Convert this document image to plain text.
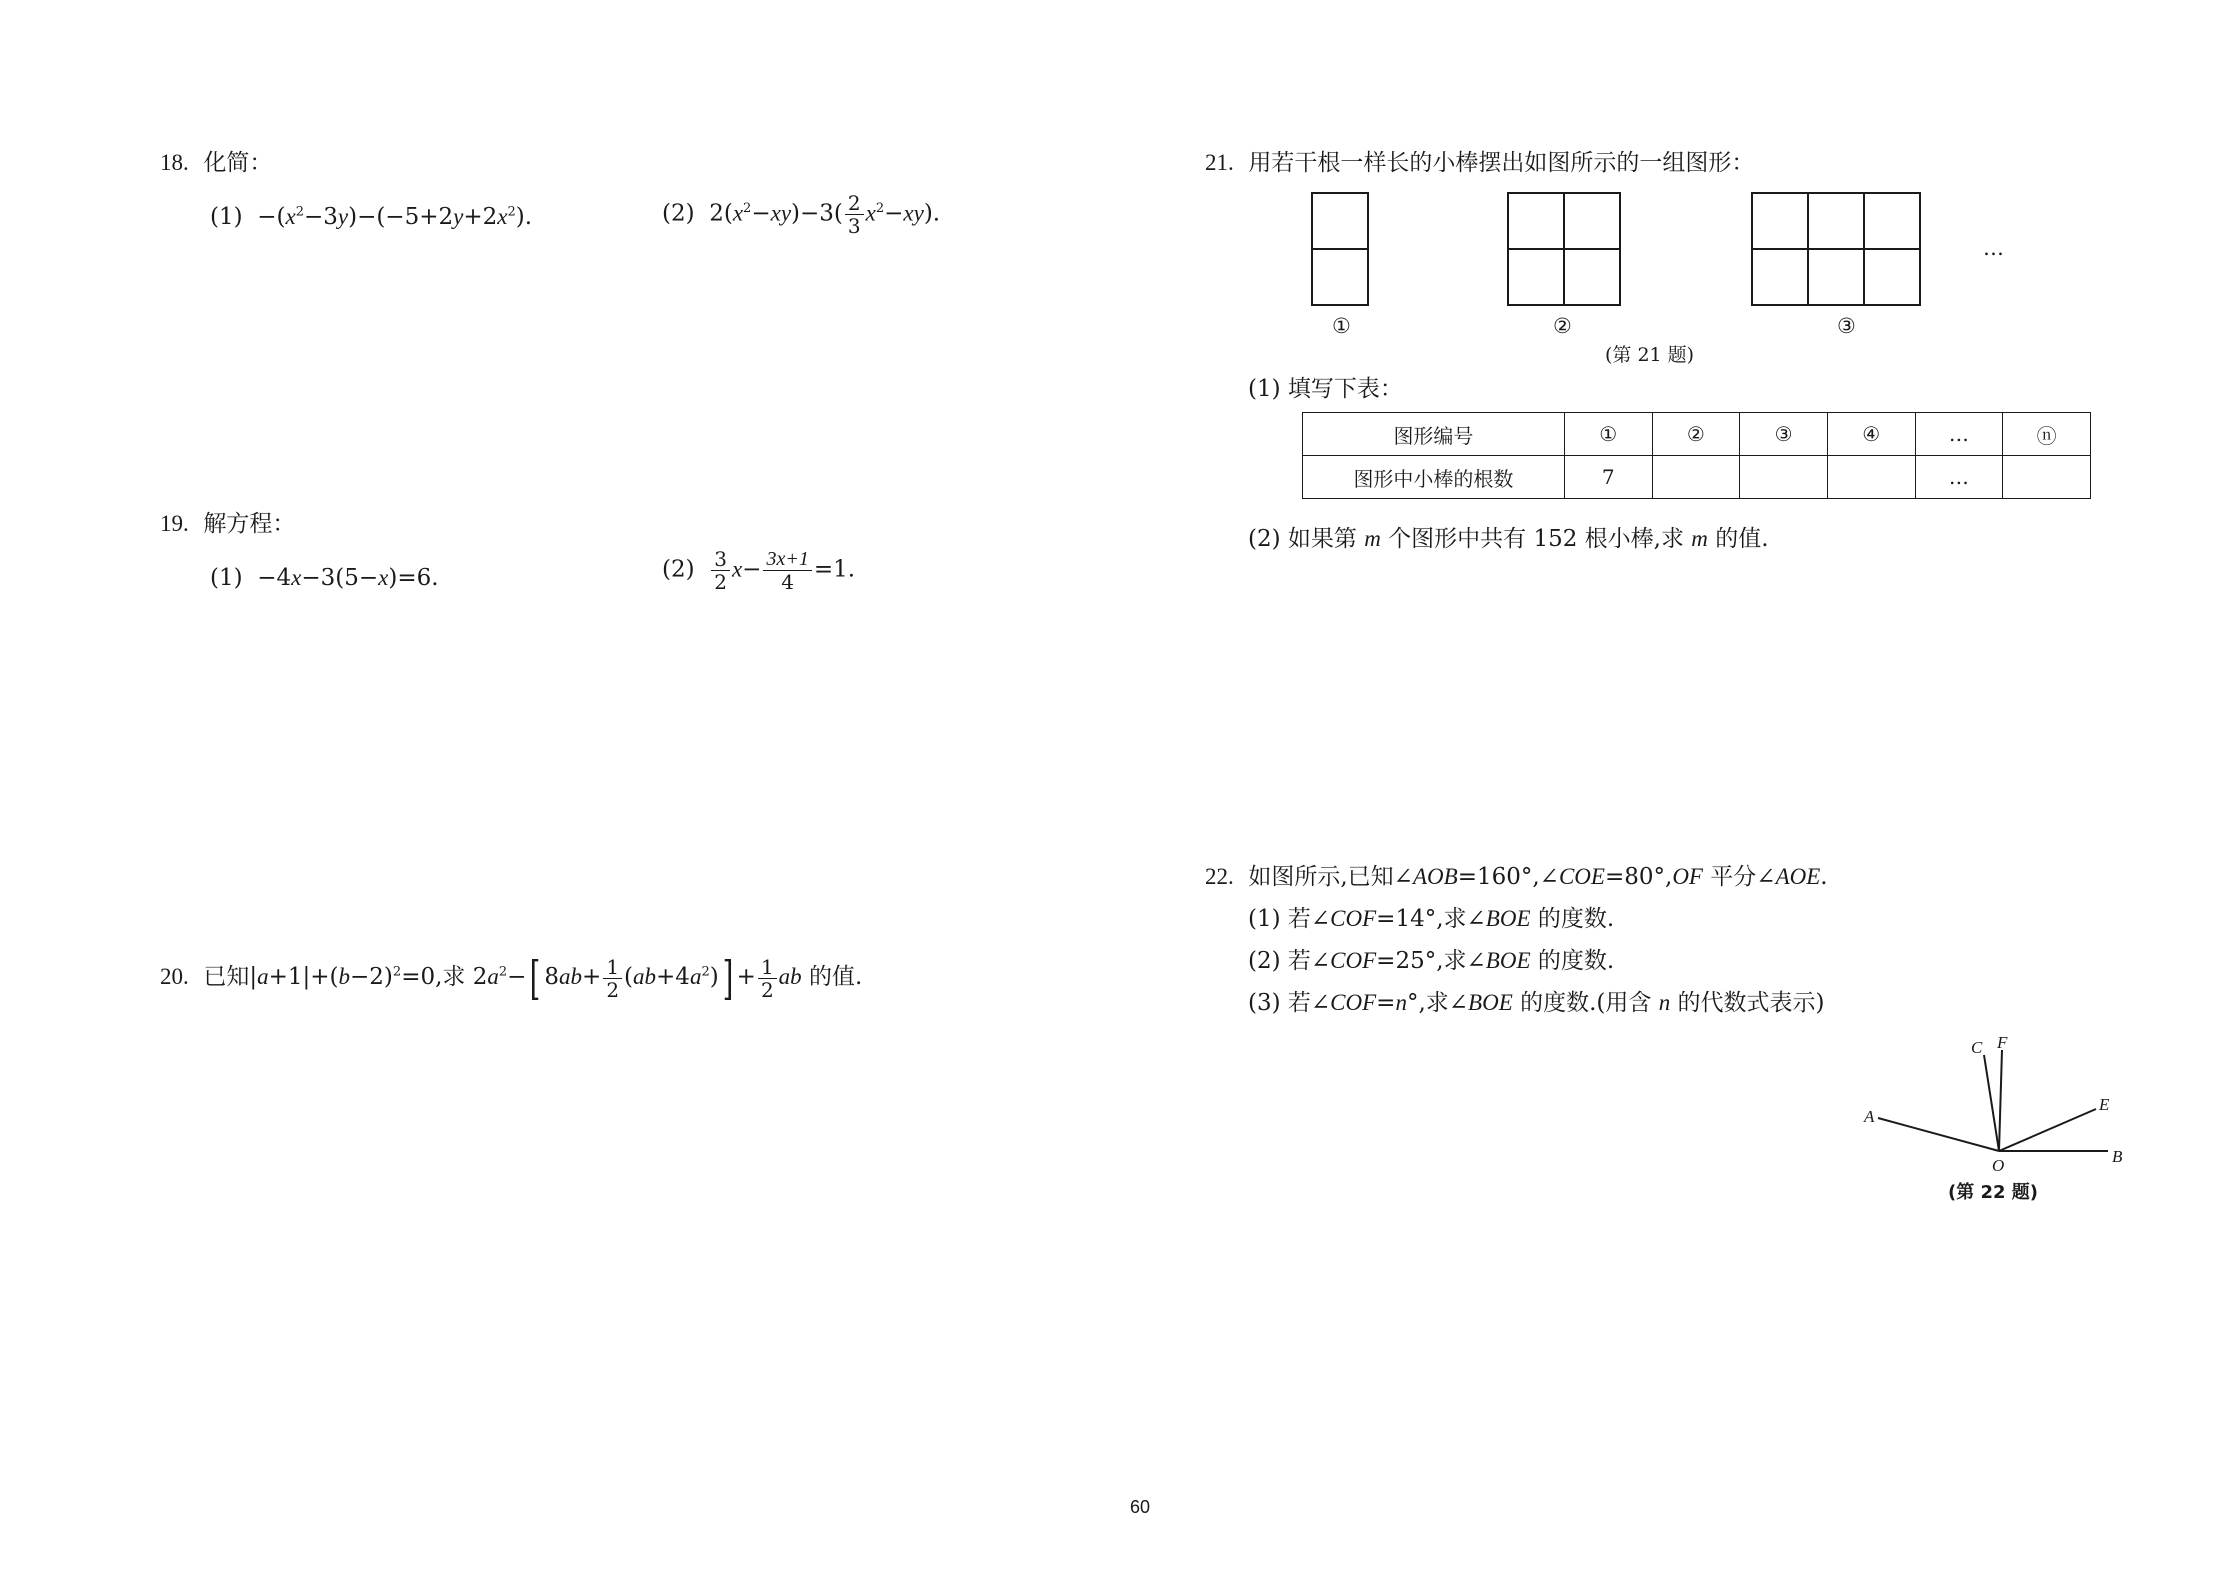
18. 化简：
$(1) -(x^2-3y)-(-5+2y+2x^2)$.	(2) $2(x^2-xy)-3( \frac{2}{3} x^2-xy)$.
19. 解方程：
(1) −4x−3(5−x)=6.	$(2) \frac{3}{2} x- \frac{3x+1}{4} =1$.
20. 已知$|a+1|+(b-2)^2=0$,求 $2a^2-$[ $8ab+ \frac{1}{2} (ab+4a^2)] + \frac{1}{2}$ ab 的值.
21. 用若干根一样长的小棒摆出如图所示的一组图形：
①	②	③
…
(第 21 题)
(1) 填写下表：
图形编号	①	②	③	④	…	ⓝ
图形中小棒的根数	7				…	
(2) 如果第 m 个图形中共有 152 根小棒,求 m 的值.
22. 如图所示,已知∠AOB=160°,∠COE=80°,OF 平分∠AOE.
(1) 若∠COF=14°,求∠BOE 的度数.
(2) 若∠COF=25°,求∠BOE 的度数.
(3) 若∠COF=n°,求∠BOE 的度数.(用含 n 的代数式表示)
A
B
C
E
F
O
(第 22 题)
60
